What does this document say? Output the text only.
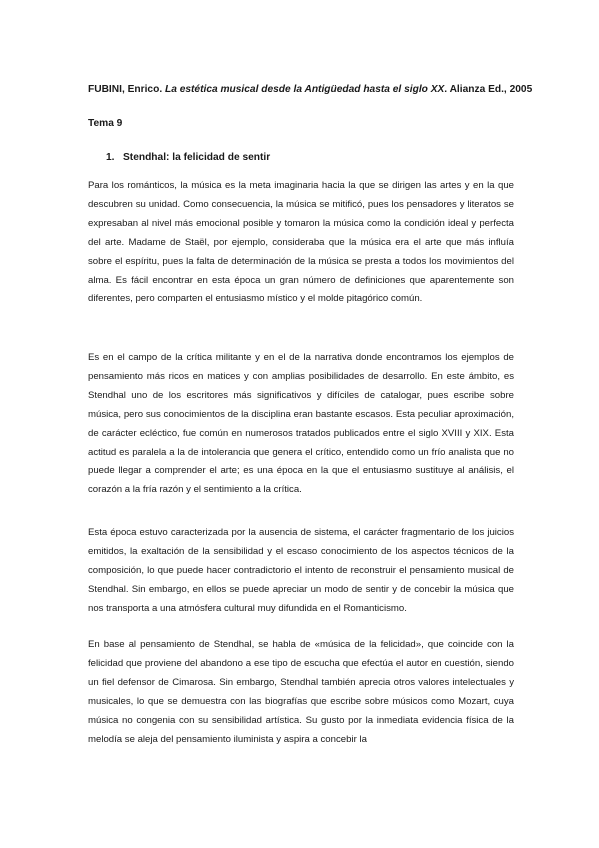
FUBINI, Enrico. La estética musical desde la Antigüedad hasta el siglo XX. Alianza Ed., 2005
Tema 9
1. Stendhal: la felicidad de sentir

Para los románticos, la música es la meta imaginaria hacia la que se dirigen las artes y en la que descubren su unidad. Como consecuencia, la música se mitificó, pues los pensadores y literatos se expresaban al nivel más emocional posible y tomaron la música como la condición ideal y perfecta del arte. Madame de Staël, por ejemplo, consideraba que la música era el arte que más influía sobre el espíritu, pues la falta de determinación de la música se presta a todos los movimientos del alma. Es fácil encontrar en esta época un gran número de definiciones que aparentemente son diferentes, pero comparten el entusiasmo místico y el molde pitagórico común.

Es en el campo de la crítica militante y en el de la narrativa donde encontramos los ejemplos de pensamiento más ricos en matices y con amplias posibilidades de desarrollo. En este ámbito, es Stendhal uno de los escritores más significativos y difíciles de catalogar, pues escribe sobre música, pero sus conocimientos de la disciplina eran bastante escasos. Esta peculiar aproximación, de carácter ecléctico, fue común en numerosos tratados publicados entre el siglo XVIII y XIX. Esta actitud es paralela a la de intolerancia que genera el crítico, entendido como un frío analista que no puede llegar a comprender el arte; es una época en la que el entusiasmo sustituye al análisis, el corazón a la fría razón y el sentimiento a la crítica.

Esta época estuvo caracterizada por la ausencia de sistema, el carácter fragmentario de los juicios emitidos, la exaltación de la sensibilidad y el escaso conocimiento de los aspectos técnicos de la composición, lo que puede hacer contradictorio el intento de reconstruir el pensamiento musical de Stendhal. Sin embargo, en ellos se puede apreciar un modo de sentir y de concebir la música que nos transporta a una atmósfera cultural muy difundida en el Romanticismo.

En base al pensamiento de Stendhal, se habla de «música de la felicidad», que coincide con la felicidad que proviene del abandono a ese tipo de escucha que efectúa el autor en cuestión, siendo un fiel defensor de Cimarosa. Sin embargo, Stendhal también aprecia otros valores intelectuales y musicales, lo que se demuestra con las biografías que escribe sobre músicos como Mozart, cuya música no congenia con su sensibilidad artística. Su gusto por la inmediata evidencia física de la melodía se aleja del pensamiento iluminista y aspira a concebir la
